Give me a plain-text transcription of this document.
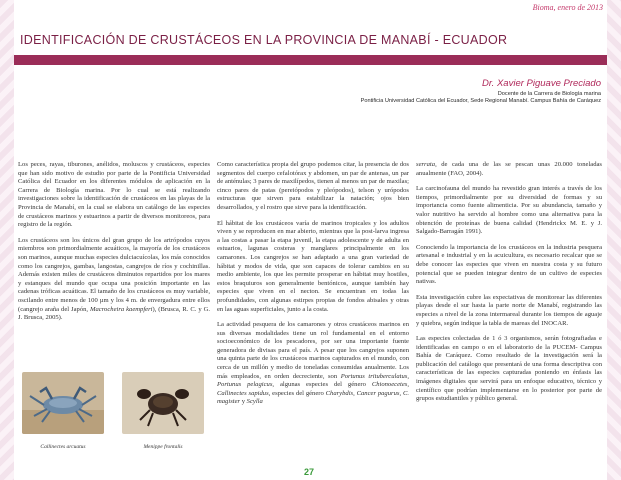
Bioma, enero de 2013
IDENTIFICACIÓN DE CRUSTÁCEOS EN LA PROVINCIA DE MANABÍ - ECUADOR
Dr. Xavier Piguave Preciado
Docente de la Carrera de Biología marina
Pontificia Universidad Católica del Ecuador, Sede Regional Manabí. Campus Bahía de Caráquez

Los peces, rayas, tiburones, anélidos, moluscos y crustáceos, especies que han sido motivo de estudio por parte de la Pontificia Universidad Católica del Ecuador en los diferentes módulos de aplicación en la Carrera de Biología marina. Por lo cual se está realizando investigaciones sobre la identificación de crustáceos en las playas de la Provincia de Manabí, en la cual se elabora un catálogo de las especies de crustáceos marinos y estuarinos a partir de diversos monitoreos, para registro de la región.

Los crustáceos son los únicos del gran grupo de los artrópodos cuyos miembros son primordialmente acuáticos, la mayoría de los crustáceos son marinos, aunque muchas especies dulciacuícolas, los más conocidos como los cangrejos, gambas, langostas, cangrejos de ríos y cochinillas. Además existen miles de crustáceos diminutos repartidos por los mares y estanques del mundo que ocupa una posición importante en las cadenas tróficas acuáticas. El tamaño de los crustáceos es muy variable, oscilando entre menos de 100 µm y los 4 m. de envergadura entre ellos (cangrejo araña del Japón, Macrocheira kaempferi), (Brusca, R. C. y G. J. Brusca, 2005).

Callinectes arcuatus	Menippe frontalis

Como característica propia del grupo podemos citar, la presencia de dos segmentos del cuerpo cefalotórax y abdomen, un par de antenas, un par de anténulas; 3 pares de maxilípedos, tienen al menos un par de maxilas; cinco pares de patas (pereiópodos y pleópodos), telson y urópodos estructuras que sirven para estabilizar la natación; ojos bien desarrollados, y el rostro que sirve para la identificación.

El hábitat de los crustáceos varía de marinos tropicales y los adultos viven y se reproducen en mar abierto, mientras que la post-larva ingresa a las costas a pasar la etapa juvenil, la etapa adolescente y de adulta en estuarios, lagunas costeras y manglares principalmente en los camarones. Los cangrejos se han adaptado a una gran variedad de hábitat y modos de vida, que son capaces de tolerar cambios en su medio ambiente, los que les permite prosperar en hábitat muy hostiles, estos braquiuros son generalmente bentónicos, aunque también hay especies que viven en el necton. Se encuentran en todas las profundidades, con algunas estirpes propias de fondos abisales y otras en las aguas superficiales, junto a la costa.

La actividad pesquera de los camarones y otros crustáceos marinos en sus diversas modalidades tiene un rol fundamental en el entorno socioeconómico de los pescadores, por ser una importante fuente generadora de divisas para el país. A pesar que los cangrejos suponen una quinta parte de los crustáceos marinos capturados en el mundo, con cerca de un millón y medio de toneladas consumidas anualmente. Los más empleados, en orden decreciente, son Portunus trituberculatus, Portunus pelagicus, algunas especies del género Chionoecetes, Callinectes sapidus, especies del género Charybdis, Cancer pagurus, C. magister y Scylla

serrata, de cada una de las se pescan unas 20.000 toneladas anualmente (FAO, 2004).

La carcinofauna del mundo ha revestido gran interés a través de los tiempos, primordialmente por su diversidad de formas y su importancia como fuente alimenticia. Por su abundancia, tamaño y valor nutritivo ha servido al hombre como una alternativa para la obtención de proteínas de buena calidad (Hendrickx M. E. y J. Salgado-Barragán 1991).

Conociendo la importancia de los crustáceos en la industria pesquera artesanal e industrial y en la acuicultura, es necesario recalcar que se debe conocer las especies que viven en nuestra costa y su futuro potencial que se pueden integrar dentro de un cultivo de especies nativas.

Esta investigación cubre las expectativas de monitorear las diferentes playas desde el sur hasta la parte norte de Manabí, registrando las especies a nivel de la zona intermareal durante los tiempos de aguaje y quiebra, según indique la tabla de mareas del INOCAR.

Las especies colectadas de 1 ó 3 organismos, serán fotografiadas e identificadas en campo o en el laboratorio de la PUCEM- Campus Bahía de Caráquez. Como resultado de la investigación será la publicación del catálogo que presentará de una forma descriptiva con características de las especies capturadas poniendo en énfasis las imágenes digitales que servirá para un enfoque educativo, técnico y científico que podrían implementarse en lo posterior por parte de grupos estudiantiles y público general.

27
